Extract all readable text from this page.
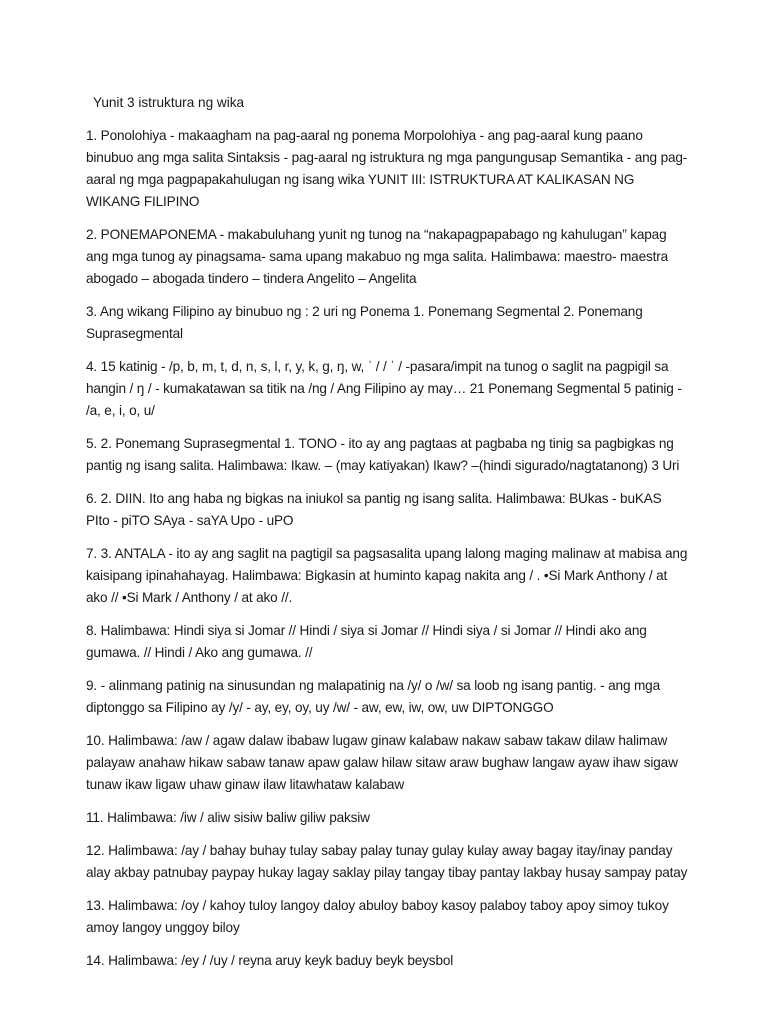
Yunit 3 istruktura ng wika

1. Ponolohiya - makaagham na pag-aaral ng ponema Morpolohiya - ang pag-aaral kung paano binubuo ang mga salita Sintaksis - pag-aaral ng istruktura ng mga pangungusap Semantika - ang pag-aaral ng mga pagpapakahulugan ng isang wika YUNIT III: ISTRUKTURA AT KALIKASAN NG WIKANG FILIPINO

2. PONEMAPONEMA - makabuluhang yunit ng tunog na “nakapagpapabago ng kahulugan” kapag ang mga tunog ay pinagsama- sama upang makabuo ng mga salita. Halimbawa: maestro- maestra abogado – abogada tindero – tindera Angelito – Angelita

3. Ang wikang Filipino ay binubuo ng : 2 uri ng Ponema 1. Ponemang Segmental 2. Ponemang Suprasegmental

4. 15 katinig - /p, b, m, t, d, n, s, l, r, y, k, g, ŋ, w, ʾ / / ʾ / -pasara/impit na tunog o saglit na pagpigil sa hangin / ŋ / - kumakatawan sa titik na /ng / Ang Filipino ay may… 21 Ponemang Segmental 5 patinig - /a, e, i, o, u/

5. 2. Ponemang Suprasegmental 1. TONO - ito ay ang pagtaas at pagbaba ng tinig sa pagbigkas ng pantig ng isang salita. Halimbawa: Ikaw. – (may katiyakan) Ikaw? –(hindi sigurado/nagtatanong) 3 Uri

6. 2. DIIN. Ito ang haba ng bigkas na iniukol sa pantig ng isang salita. Halimbawa: BUkas - buKAS PIto - piTO SAya - saYA Upo - uPO

7. 3. ANTALA - ito ay ang saglit na pagtigil sa pagsasalita upang lalong maging malinaw at mabisa ang kaisipang ipinahahayag. Halimbawa: Bigkasin at huminto kapag nakita ang / . •Si Mark Anthony / at ako // •Si Mark / Anthony / at ako //.

8. Halimbawa: Hindi siya si Jomar // Hindi / siya si Jomar // Hindi siya / si Jomar // Hindi ako ang gumawa. // Hindi / Ako ang gumawa. //

9. - alinmang patinig na sinusundan ng malapatinig na /y/ o /w/ sa loob ng isang pantig. - ang mga diptonggo sa Filipino ay /y/ - ay, ey, oy, uy /w/ - aw, ew, iw, ow, uw DIPTONGGO

10. Halimbawa: /aw / agaw dalaw ibabaw lugaw ginaw kalabaw nakaw sabaw takaw dilaw halimaw palayaw anahaw hikaw sabaw tanaw apaw galaw hilaw sitaw araw bughaw langaw ayaw ihaw sigaw tunaw ikaw ligaw uhaw ginaw ilaw litawhataw kalabaw

11. Halimbawa: /iw / aliw sisiw baliw giliw paksiw

12. Halimbawa: /ay / bahay buhay tulay sabay palay tunay gulay kulay away bagay itay/inay panday alay akbay patnubay paypay hukay lagay saklay pilay tangay tibay pantay lakbay husay sampay patay

13. Halimbawa: /oy / kahoy tuloy langoy daloy abuloy baboy kasoy palaboy taboy apoy simoy tukoy amoy langoy unggoy biloy

14. Halimbawa: /ey / /uy / reyna aruy keyk baduy beyk beysbol
